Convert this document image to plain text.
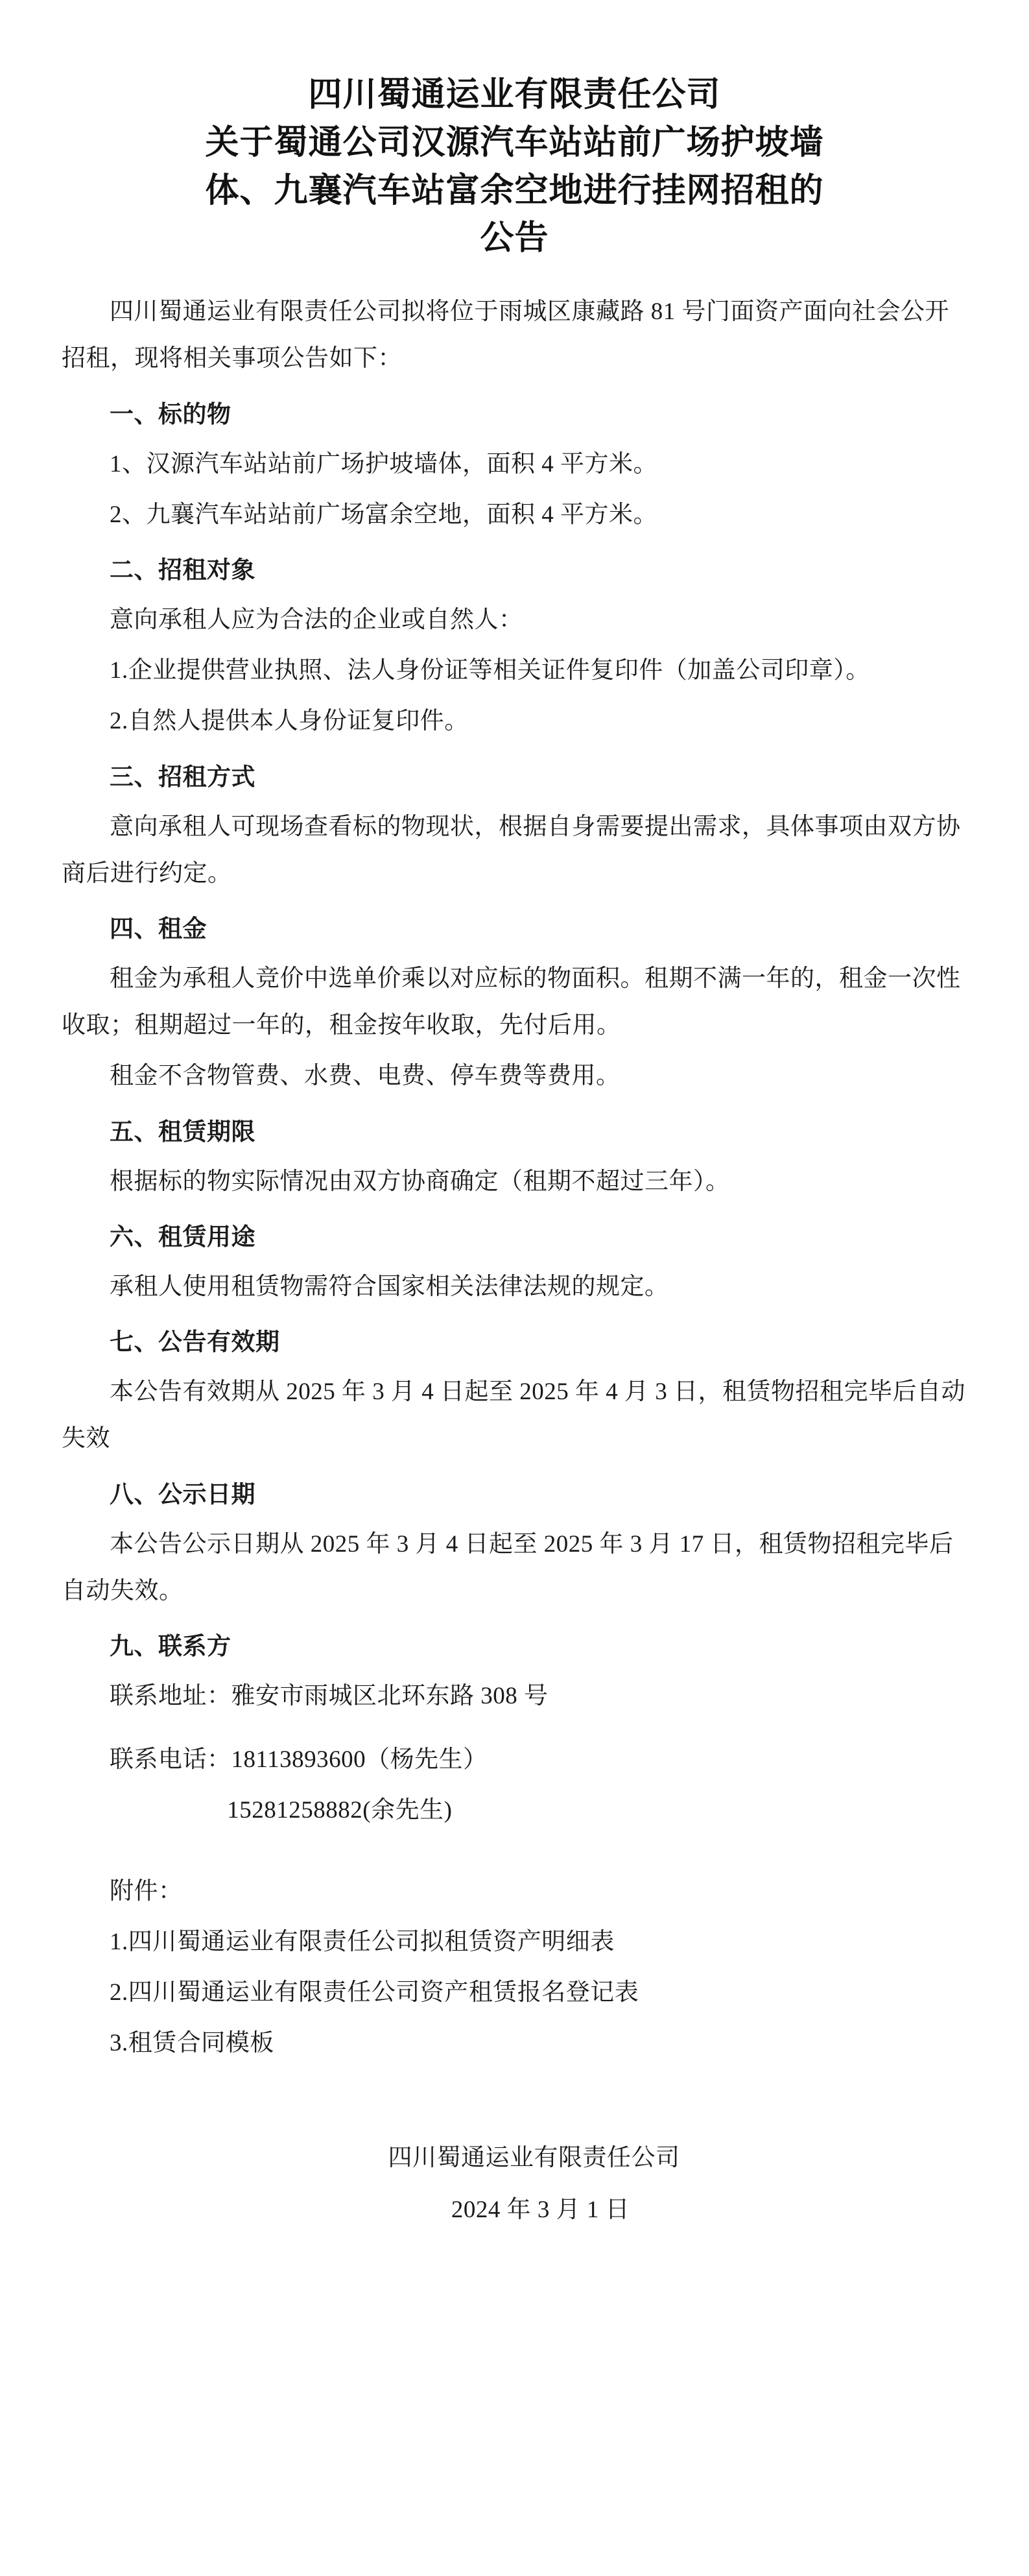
四川蜀通运业有限责任公司
关于蜀通公司汉源汽车站站前广场护坡墙
体、九襄汽车站富余空地进行挂网招租的
公告

四川蜀通运业有限责任公司拟将位于雨城区康藏路 81 号门面资产面向社会公开招租，现将相关事项公告如下：

一、标的物

1、汉源汽车站站前广场护坡墙体，面积 4 平方米。

2、九襄汽车站站前广场富余空地，面积 4 平方米。

二、招租对象

意向承租人应为合法的企业或自然人：

1.企业提供营业执照、法人身份证等相关证件复印件（加盖公司印章）。

2.自然人提供本人身份证复印件。

三、招租方式

意向承租人可现场查看标的物现状，根据自身需要提出需求，具体事项由双方协商后进行约定。

四、租金

租金为承租人竞价中选单价乘以对应标的物面积。租期不满一年的，租金一次性收取；租期超过一年的，租金按年收取，先付后用。

租金不含物管费、水费、电费、停车费等费用。

五、租赁期限

根据标的物实际情况由双方协商确定（租期不超过三年）。

六、租赁用途

承租人使用租赁物需符合国家相关法律法规的规定。

七、公告有效期

本公告有效期从 2025 年 3 月 4 日起至 2025 年 4 月 3 日，租赁物招租完毕后自动失效

八、公示日期

本公告公示日期从 2025 年 3 月 4 日起至 2025 年 3 月 17 日，租赁物招租完毕后自动失效。

九、联系方

联系地址：雅安市雨城区北环东路 308 号

联系电话：18113893600（杨先生）

15281258882(余先生)

附件：

1.四川蜀通运业有限责任公司拟租赁资产明细表

2.四川蜀通运业有限责任公司资产租赁报名登记表

3.租赁合同模板

四川蜀通运业有限责任公司

2024 年 3 月 1 日
